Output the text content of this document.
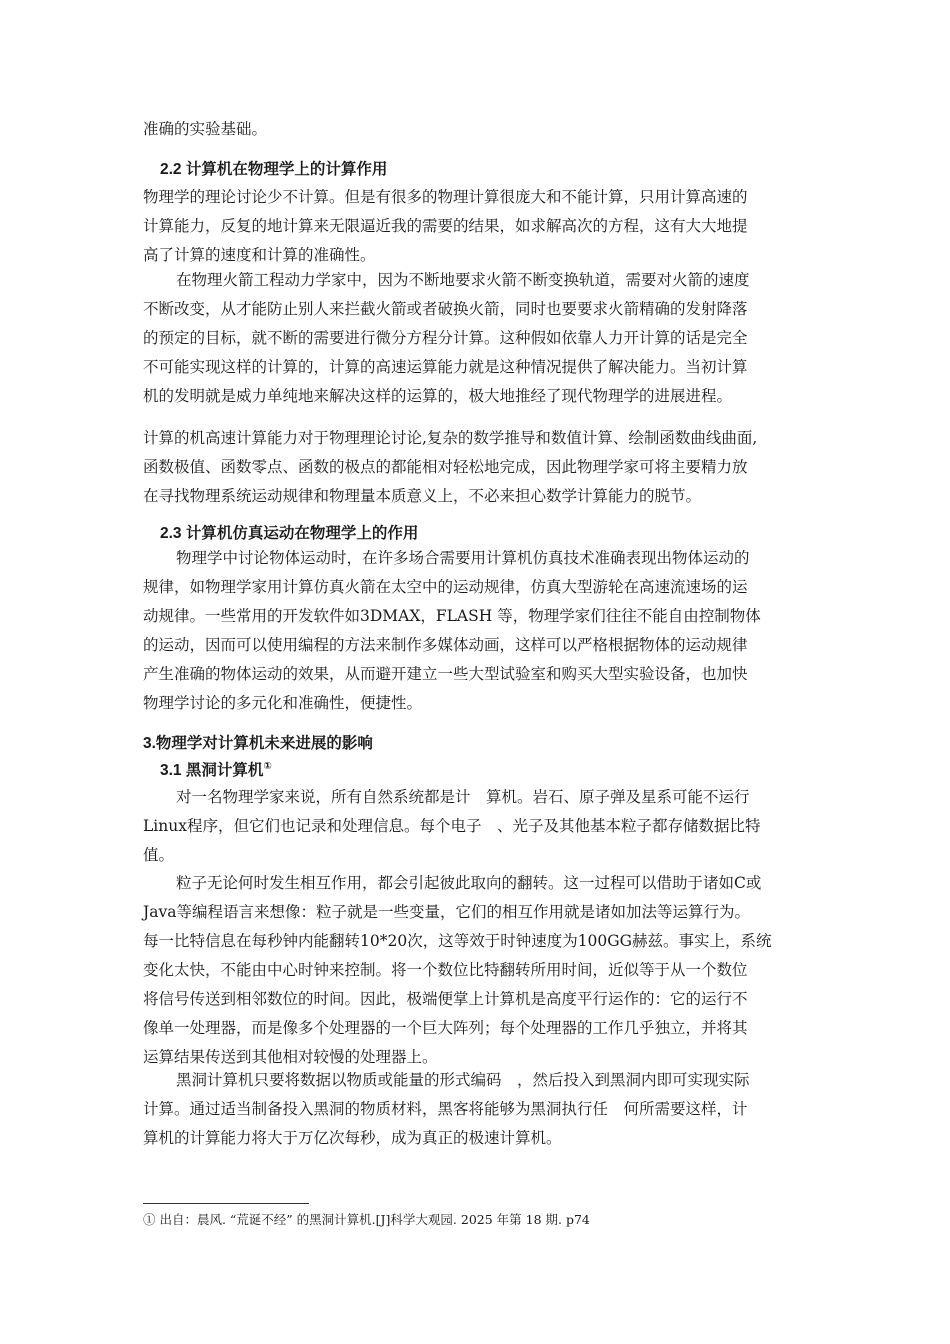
准确的实验基础。

2.2 计算机在物理学上的计算作用

物理学的理论讨论少不计算。但是有很多的物理计算很庞大和不能计算，只用计算高速的

计算能力，反复的地计算来无限逼近我的需要的结果，如求解高次的方程，这有大大地提

高了计算的速度和计算的准确性。

在物理火箭工程动力学家中，因为不断地要求火箭不断变换轨道，需要对火箭的速度

不断改变，从才能防止别人来拦截火箭或者破换火箭，同时也要要求火箭精确的发射降落

的预定的目标，就不断的需要进行微分方程分计算。这种假如依靠人力开计算的话是完全

不可能实现这样的计算的，计算的高速运算能力就是这种情况提供了解决能力。当初计算

机的发明就是威力单纯地来解决这样的运算的，极大地推经了现代物理学的进展进程。

计算的机高速计算能力对于物理理论讨论,复杂的数学推导和数值计算、绘制函数曲线曲面,

函数极值、函数零点、函数的极点的都能相对轻松地完成，因此物理学家可将主要精力放

在寻找物理系统运动规律和物理量本质意义上，不必来担心数学计算能力的脱节。

2.3 计算机仿真运动在物理学上的作用

物理学中讨论物体运动时，在许多场合需要用计算机仿真技术准确表现出物体运动的

规律，如物理学家用计算仿真火箭在太空中的运动规律，仿真大型游轮在高速流速场的运

动规律。一些常用的开发软件如3DMAX，FLASH 等，物理学家们往往不能自由控制物体

的运动，因而可以使用编程的方法来制作多媒体动画，这样可以严格根据物体的运动规律

产生准确的物体运动的效果，从而避开建立一些大型试验室和购买大型实验设备，也加快

物理学讨论的多元化和准确性，便捷性。

3.物理学对计算机未来进展的影响
3.1 黑洞计算机①

对一名物理学家来说，所有自然系统都是计　算机。岩石、原子弹及星系可能不运行

Linux程序，但它们也记录和处理信息。每个电子　、光子及其他基本粒子都存储数据比特

值。

粒子无论何时发生相互作用，都会引起彼此取向的翻转。这一过程可以借助于诸如C或

Java等编程语言来想像：粒子就是一些变量，它们的相互作用就是诸如加法等运算行为。

每一比特信息在每秒钟内能翻转10*20次，这等效于时钟速度为100GG赫兹。事实上，系统

变化太快，不能由中心时钟来控制。将一个数位比特翻转所用时间，近似等于从一个数位

将信号传送到相邻数位的时间。因此，极端便掌上计算机是高度平行运作的：它的运行不

像单一处理器，而是像多个处理器的一个巨大阵列；每个处理器的工作几乎独立，并将其

运算结果传送到其他相对较慢的处理器上。

黑洞计算机只要将数据以物质或能量的形式编码　，然后投入到黑洞内即可实现实际

计算。通过适当制备投入黑洞的物质材料，黑客将能够为黑洞执行任　何所需要这样，计

算机的计算能力将大于万亿次每秒，成为真正的极速计算机。

① 出自：晨风. “荒诞不经” 的黑洞计算机.[J]科学大观园. 2025 年第 18 期. p74
